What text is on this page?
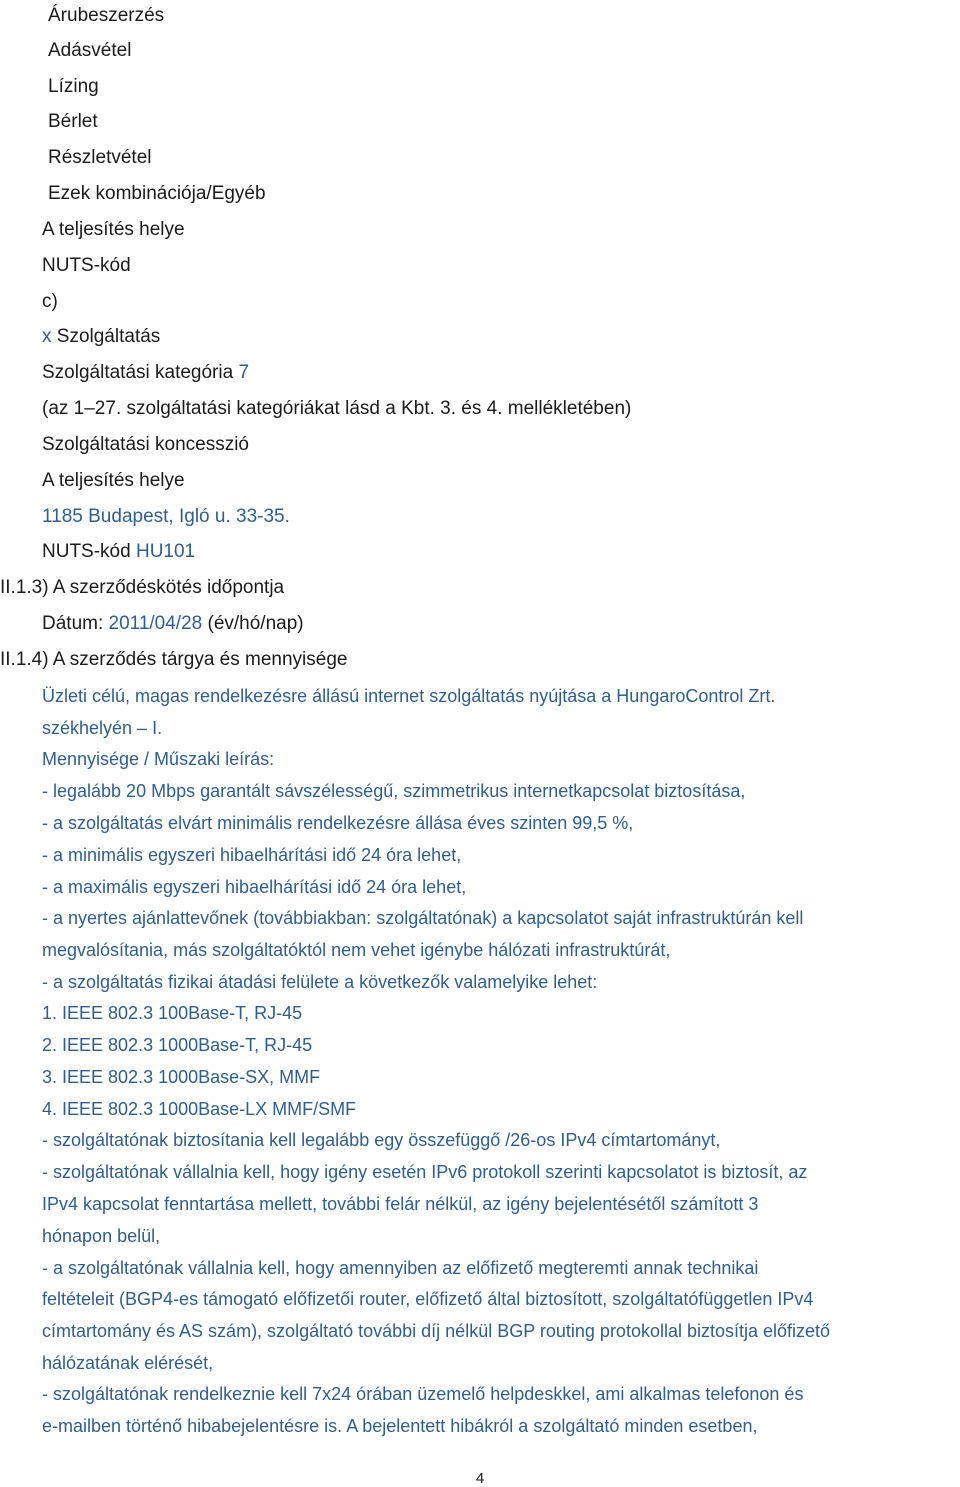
Árubeszerzés
Adásvétel
Lízing
Bérlet
Részletvétel
Ezek kombinációja/Egyéb
A teljesítés helye
NUTS-kód
c)
x Szolgáltatás
Szolgáltatási kategória 7
(az 1–27. szolgáltatási kategóriákat lásd a Kbt. 3. és 4. mellékletében)
Szolgáltatási koncesszió
A teljesítés helye
1185 Budapest, Igló u. 33-35.
NUTS-kód HU101
II.1.3) A szerződéskötés időpontja
Dátum: 2011/04/28 (év/hó/nap)
II.1.4) A szerződés tárgya és mennyisége
Üzleti célú, magas rendelkezésre állású internet szolgáltatás nyújtása a HungaroControl Zrt.
székhelyén – I.
Mennyisége / Műszaki leírás:
- legalább 20 Mbps garantált sávszélességű, szimmetrikus internetkapcsolat biztosítása,
- a szolgáltatás elvárt minimális rendelkezésre állása éves szinten 99,5 %,
- a minimális egyszeri hibaelhárítási idő 24 óra lehet,
- a maximális egyszeri hibaelhárítási idő 24 óra lehet,
- a nyertes ajánlattevőnek (továbbiakban: szolgáltatónak) a kapcsolatot saját infrastruktúrán kell
megvalósítania, más szolgáltatóktól nem vehet igénybe hálózati infrastruktúrát,
- a szolgáltatás fizikai átadási felülete a következők valamelyike lehet:
1. IEEE 802.3 100Base-T, RJ-45
2. IEEE 802.3 1000Base-T, RJ-45
3. IEEE 802.3 1000Base-SX, MMF
4. IEEE 802.3 1000Base-LX MMF/SMF
- szolgáltatónak biztosítania kell legalább egy összefüggő /26-os IPv4 címtartományt,
- szolgáltatónak vállalnia kell, hogy igény esetén IPv6 protokoll szerinti kapcsolatot is biztosít, az
IPv4 kapcsolat fenntartása mellett, további felár nélkül, az igény bejelentésétől számított 3
hónapon belül,
- a szolgáltatónak vállalnia kell, hogy amennyiben az előfizető megteremti annak technikai
feltételeit (BGP4-es támogató előfizetői router, előfizető által biztosított, szolgáltatófüggetlen IPv4
címtartomány és AS szám), szolgáltató további díj nélkül BGP routing protokollal biztosítja előfizető
hálózatának elérését,
- szolgáltatónak rendelkeznie kell 7x24 órában üzemelő helpdeskkel, ami alkalmas telefonon és
e-mailben történő hibabejelentésre is. A bejelentett hibákról a szolgáltató minden esetben,
4
